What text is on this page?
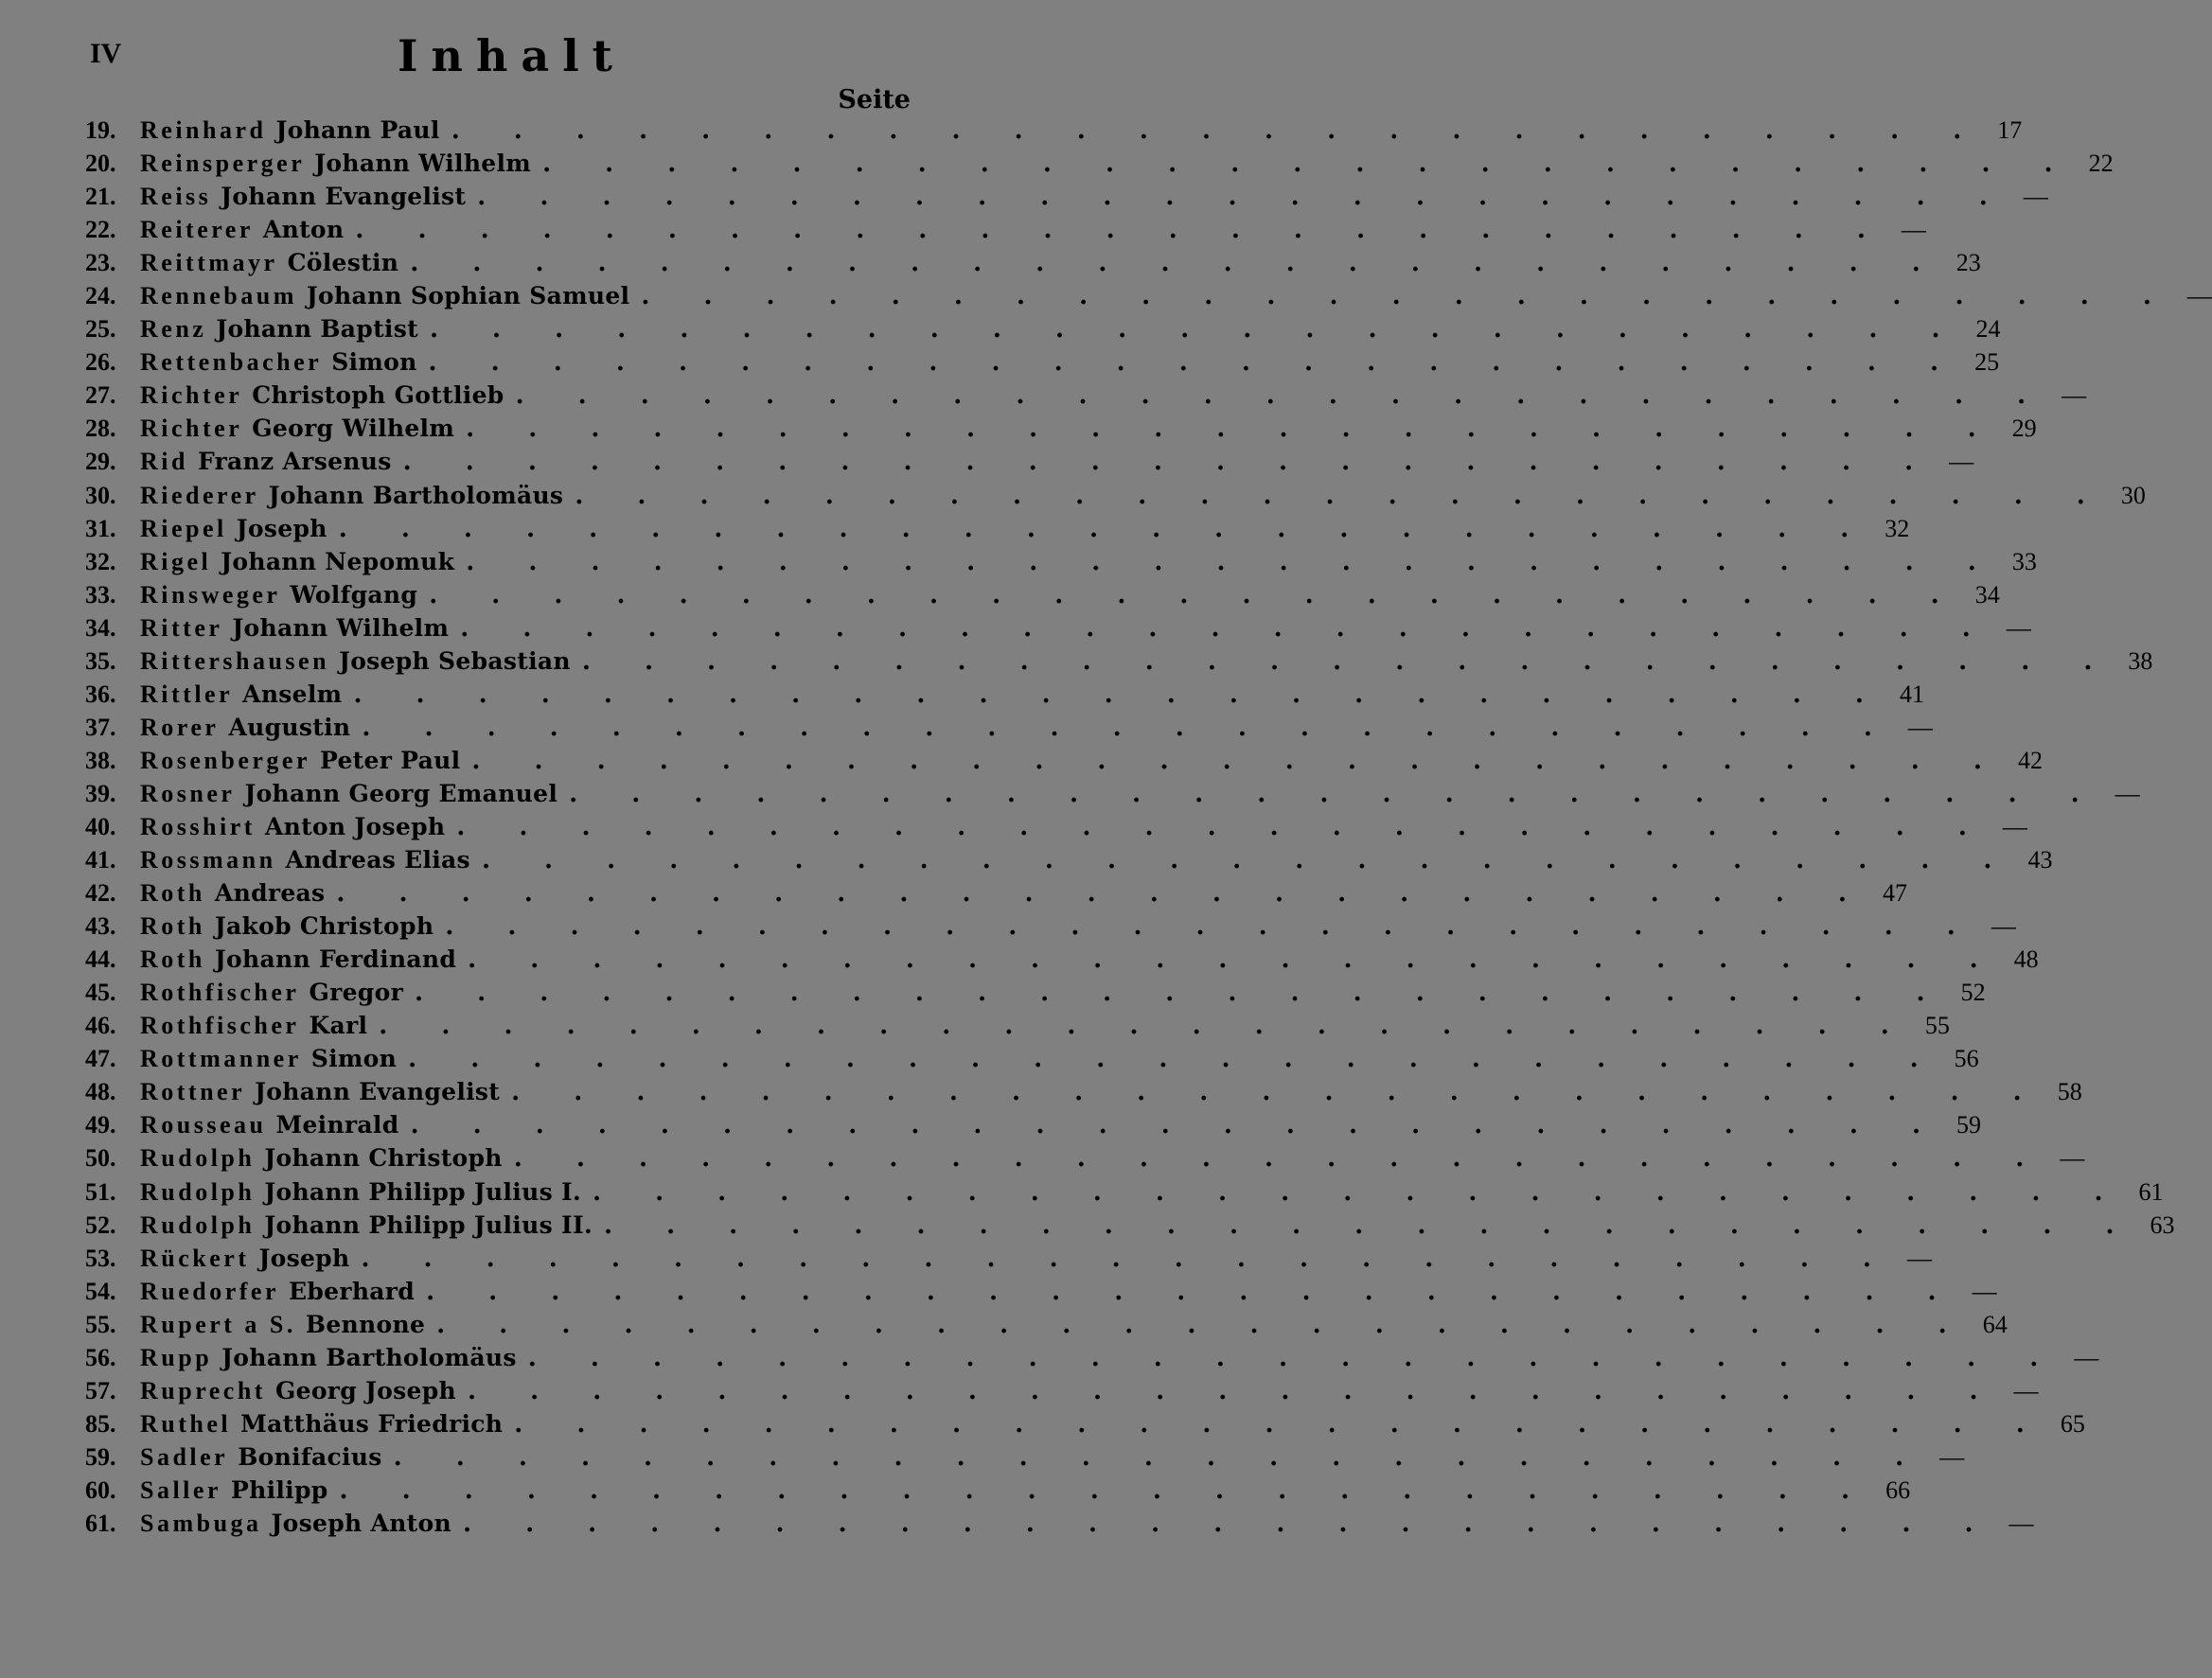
IV	Inhalt
Seite
19. Reinhard Johann Paul . . . . . . . . . . . . . . . . . . . . . . . . . 17
20. Reinsperger Johann Wilhelm . . . . . . . . . . . . . . . . . . . . . . . . . 22
21. Reiss Johann Evangelist . . . . . . . . . . . . . . . . . . . . . . . . . —
22. Reiterer Anton . . . . . . . . . . . . . . . . . . . . . . . . . —
23. Reittmayr Cölestin . . . . . . . . . . . . . . . . . . . . . . . . . 23
24. Rennebaum Johann Sophian Samuel . . . . . . . . . . . . . . . . . . . . . . . . . —
25. Renz Johann Baptist . . . . . . . . . . . . . . . . . . . . . . . . . 24
26. Rettenbacher Simon . . . . . . . . . . . . . . . . . . . . . . . . . 25
27. Richter Christoph Gottlieb . . . . . . . . . . . . . . . . . . . . . . . . . —
28. Richter Georg Wilhelm . . . . . . . . . . . . . . . . . . . . . . . . . 29
29. Rid Franz Arsenus . . . . . . . . . . . . . . . . . . . . . . . . . —
30. Riederer Johann Bartholomäus . . . . . . . . . . . . . . . . . . . . . . . . . 30
31. Riepel Joseph . . . . . . . . . . . . . . . . . . . . . . . . . 32
32. Rigel Johann Nepomuk . . . . . . . . . . . . . . . . . . . . . . . . . 33
33. Rinsweger Wolfgang . . . . . . . . . . . . . . . . . . . . . . . . . 34
34. Ritter Johann Wilhelm . . . . . . . . . . . . . . . . . . . . . . . . . —
35. Rittershausen Joseph Sebastian . . . . . . . . . . . . . . . . . . . . . . . . . 38
36. Rittler Anselm . . . . . . . . . . . . . . . . . . . . . . . . . 41
37. Rorer Augustin . . . . . . . . . . . . . . . . . . . . . . . . . —
38. Rosenberger Peter Paul . . . . . . . . . . . . . . . . . . . . . . . . . 42
39. Rosner Johann Georg Emanuel . . . . . . . . . . . . . . . . . . . . . . . . . —
40. Rosshirt Anton Joseph . . . . . . . . . . . . . . . . . . . . . . . . . —
41. Rossmann Andreas Elias . . . . . . . . . . . . . . . . . . . . . . . . . 43
42. Roth Andreas . . . . . . . . . . . . . . . . . . . . . . . . . 47
43. Roth Jakob Christoph . . . . . . . . . . . . . . . . . . . . . . . . . —
44. Roth Johann Ferdinand . . . . . . . . . . . . . . . . . . . . . . . . . 48
45. Rothfischer Gregor . . . . . . . . . . . . . . . . . . . . . . . . . 52
46. Rothfischer Karl . . . . . . . . . . . . . . . . . . . . . . . . . 55
47. Rottmanner Simon . . . . . . . . . . . . . . . . . . . . . . . . . 56
48. Rottner Johann Evangelist . . . . . . . . . . . . . . . . . . . . . . . . . 58
49. Rousseau Meinrald . . . . . . . . . . . . . . . . . . . . . . . . . 59
50. Rudolph Johann Christoph . . . . . . . . . . . . . . . . . . . . . . . . . —
51. Rudolph Johann Philipp Julius I. . . . . . . . . . . . . . . . . . . . . . . . . . 61
52. Rudolph Johann Philipp Julius II. . . . . . . . . . . . . . . . . . . . . . . . . . 63
53. Rückert Joseph . . . . . . . . . . . . . . . . . . . . . . . . . —
54. Ruedorfer Eberhard . . . . . . . . . . . . . . . . . . . . . . . . . —
55. Rupert a S. Bennone . . . . . . . . . . . . . . . . . . . . . . . . . 64
56. Rupp Johann Bartholomäus . . . . . . . . . . . . . . . . . . . . . . . . . —
57. Ruprecht Georg Joseph . . . . . . . . . . . . . . . . . . . . . . . . . —
85. Ruthel Matthäus Friedrich . . . . . . . . . . . . . . . . . . . . . . . . . 65
59. Sadler Bonifacius . . . . . . . . . . . . . . . . . . . . . . . . . —
60. Saller Philipp . . . . . . . . . . . . . . . . . . . . . . . . . 66
61. Sambuga Joseph Anton . . . . . . . . . . . . . . . . . . . . . . . . . —
